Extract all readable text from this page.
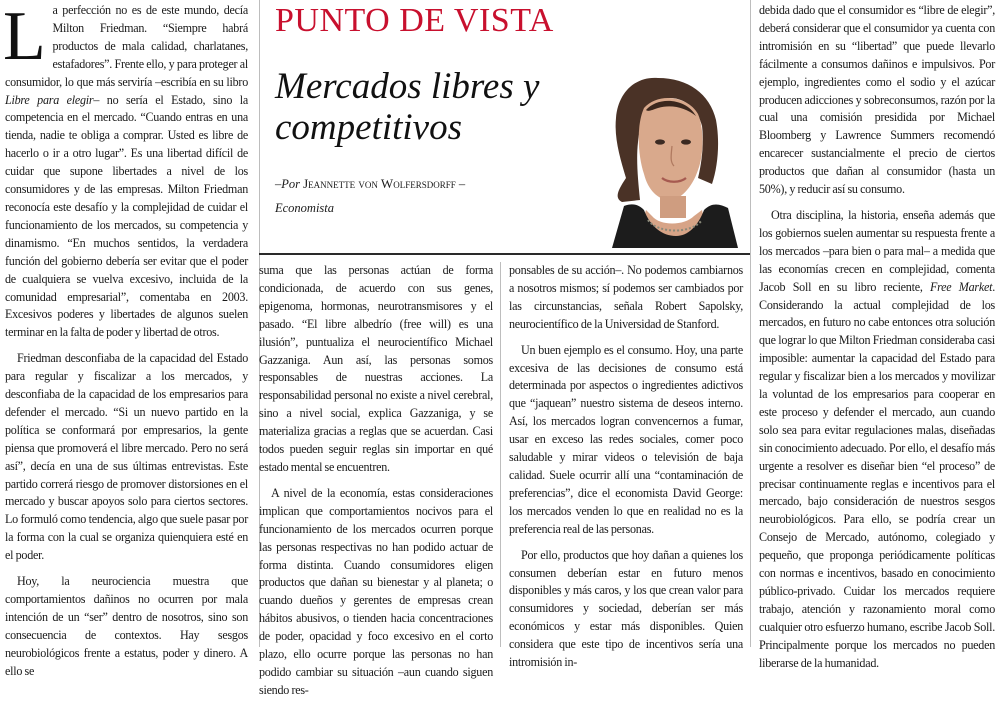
PUNTO DE VISTA
Mercados libres y competitivos
–Por Jeannette von Wolfersdorff –
Economista

La perfección no es de este mundo, decía Milton Friedman. “Siempre habrá productos de mala calidad, charlatanes, estafadores”. Frente ello, y para proteger al consumidor, lo que más serviría –escribía en su libro Libre para elegir– no sería el Estado, sino la competencia en el mercado. “Cuando entras en una tienda, nadie te obliga a comprar. Usted es libre de hacerlo o ir a otro lugar”. Es una libertad difícil de cuidar que supone libertades a nivel de los consumidores y de las empresas. Milton Friedman reconocía este desafío y la complejidad de cuidar el funcionamiento de los mercados, su competencia y dinamismo. “En muchos sentidos, la verdadera función del gobierno debería ser evitar que el poder de cualquiera se vuelva excesivo, incluida de la comunidad empresarial”, comentaba en 2003. Excesivos poderes y libertades de algunos suelen terminar en la falta de poder y libertad de otros.

Friedman desconfiaba de la capacidad del Estado para regular y fiscalizar a los mercados, y desconfiaba de la capacidad de los empresarios para defender el mercado. “Si un nuevo partido en la política se conformará por empresarios, la gente piensa que promoverá el libre mercado. Pero no será así”, decía en una de sus últimas entrevistas. Este partido correrá riesgo de promover distorsiones en el mercado y buscar apoyos solo para ciertos sectores. Lo formuló como tendencia, algo que suele pasar por la forma con la cual se organiza quienquiera esté en el poder.

Hoy, la neurociencia muestra que comportamientos dañinos no ocurren por mala intención de un “ser” dentro de nosotros, sino son consecuencia de contextos. Hay sesgos neurobiológicos frente a estatus, poder y dinero. A ello se

suma que las personas actúan de forma condicionada, de acuerdo con sus genes, epigenoma, hormonas, neurotransmisores y el pasado. “El libre albedrío (free will) es una ilusión”, puntualiza el neurocientífico Michael Gazzaniga. Aun así, las personas somos responsables de nuestras acciones. La responsabilidad personal no existe a nivel cerebral, sino a nivel social, explica Gazzaniga, y se materializa gracias a reglas que se acuerdan. Casi todos pueden seguir reglas sin importar en qué estado mental se encuentren.

A nivel de la economía, estas consideraciones implican que comportamientos nocivos para el funcionamiento de los mercados ocurren porque las personas respectivas no han podido actuar de forma distinta. Cuando consumidores eligen productos que dañan su bienestar y al planeta; o cuando dueños y gerentes de empresas crean hábitos abusivos, o tienden hacia concentraciones de poder, opacidad y foco excesivo en el corto plazo, ello ocurre porque las personas no han podido cambiar su situación –aun cuando siguen siendo res-

ponsables de su acción–. No podemos cambiarnos a nosotros mismos; sí podemos ser cambiados por las circunstancias, señala Robert Sapolsky, neurocientífico de la Universidad de Stanford.

Un buen ejemplo es el consumo. Hoy, una parte excesiva de las decisiones de consumo está determinada por aspectos o ingredientes adictivos que “jaquean” nuestro sistema de deseos interno. Así, los mercados logran convencernos a fumar, usar en exceso las redes sociales, comer poco saludable y mirar videos o televisión de baja calidad. Suele ocurrir allí una “contaminación de preferencias”, dice el economista David George: los mercados venden lo que en realidad no es la preferencia real de las personas.

Por ello, productos que hoy dañan a quienes los consumen deberían estar en futuro menos disponibles y más caros, y los que crean valor para consumidores y sociedad, deberían ser más económicos y estar más disponibles. Quien considera que este tipo de incentivos sería una intromisión in-

debida dado que el consumidor es “libre de elegir”, deberá considerar que el consumidor ya cuenta con intromisión en su “libertad” que puede llevarlo fácilmente a consumos dañinos e impulsivos. Por ejemplo, ingredientes como el sodio y el azúcar producen adicciones y sobreconsumos, razón por la cual una comisión presidida por Michael Bloomberg y Lawrence Summers recomendó encarecer sustancialmente el precio de ciertos productos que dañan al consumidor (hasta un 50%), y reducir así su consumo.

Otra disciplina, la historia, enseña además que los gobiernos suelen aumentar su respuesta frente a los mercados –para bien o para mal– a medida que las economías crecen en complejidad, comenta Jacob Soll en su libro reciente, Free Market. Considerando la actual complejidad de los mercados, en futuro no cabe entonces otra solución que lograr lo que Milton Friedman consideraba casi imposible: aumentar la capacidad del Estado para regular y fiscalizar bien a los mercados y movilizar la voluntad de los empresarios para cooperar en este proceso y defender el mercado, aun cuando solo sea para evitar regulaciones malas, diseñadas sin conocimiento adecuado. Por ello, el desafío más urgente a resolver es diseñar bien “el proceso” de precisar continuamente reglas e incentivos para el mercado, bajo consideración de nuestros sesgos neurobiológicos. Para ello, se podría crear un Consejo de Mercado, autónomo, colegiado y pequeño, que proponga periódicamente políticas con normas e incentivos, basado en conocimiento público-privado. Cuidar los mercados requiere trabajo, atención y razonamiento moral como cualquier otro esfuerzo humano, escribe Jacob Soll. Principalmente porque los mercados no pueden liberarse de la humanidad.
